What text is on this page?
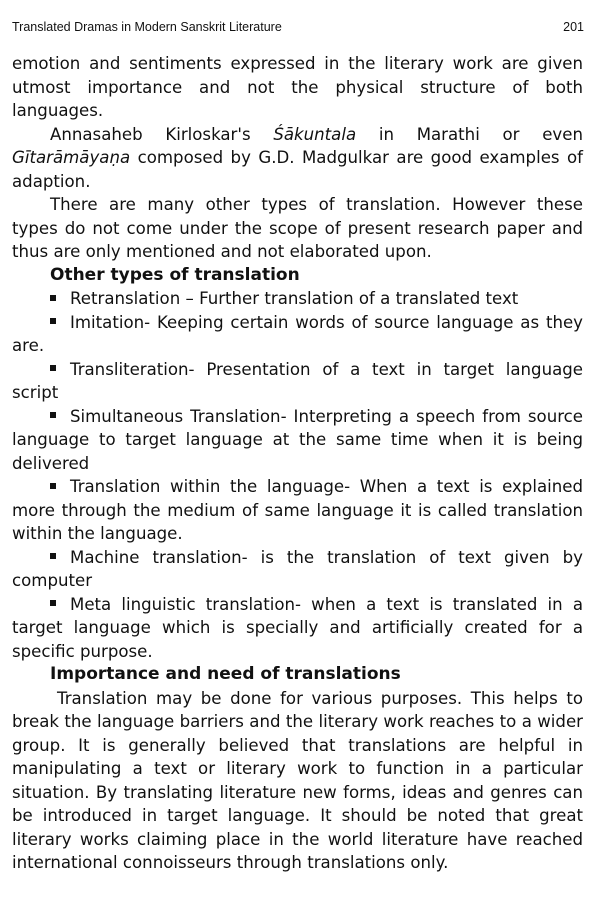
Translated Dramas in Modern Sanskrit Literature	201

emotion and sentiments expressed in the literary work are given utmost importance and not the physical structure of both languages.

Annasaheb Kirloskar's Śākuntala in Marathi or even Gītarāmāyaṇa composed by G.D. Madgulkar are good examples of adaption.

There are many other types of translation. However these types do not come under the scope of present research paper and thus are only mentioned and not elaborated upon.

Other types of translation

Retranslation – Further translation of a translated text

Imitation- Keeping certain words of source language as they are.

Transliteration- Presentation of a text in target language script

Simultaneous Translation- Interpreting a speech from source language to target language at the same time when it is being delivered

Translation within the language- When a text is explained more through the medium of same language it is called translation within the language.

Machine translation- is the translation of text given by computer

Meta linguistic translation- when a text is translated in a target language which is specially and artificially created for a specific purpose.

Importance and need of translations

Translation may be done for various purposes. This helps to break the language barriers and the literary work reaches to a wider group. It is generally believed that translations are helpful in manipulating a text or literary work to function in a particular situation. By translating literature new forms, ideas and genres can be introduced in target language. It should be noted that great literary works claiming place in the world literature have reached international connoisseurs through translations only.
